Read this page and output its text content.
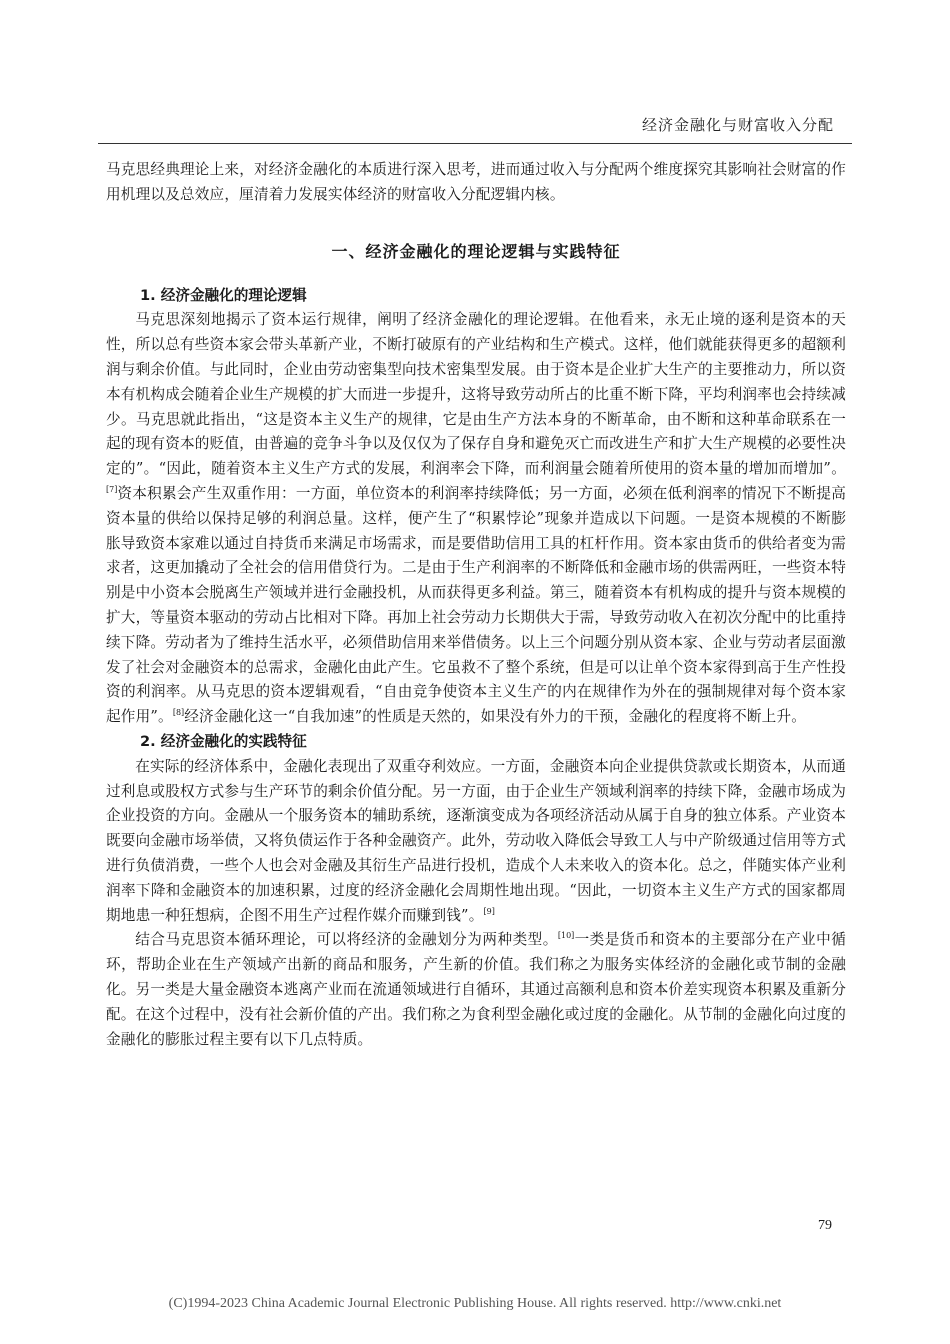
经济金融化与财富收入分配

马克思经典理论上来，对经济金融化的本质进行深入思考，进而通过收入与分配两个维度探究其影响社会财富的作用机理以及总效应，厘清着力发展实体经济的财富收入分配逻辑内核。

一、经济金融化的理论逻辑与实践特征
1. 经济金融化的理论逻辑

马克思深刻地揭示了资本运行规律，阐明了经济金融化的理论逻辑。在他看来，永无止境的逐利是资本的天性，所以总有些资本家会带头革新产业，不断打破原有的产业结构和生产模式。这样，他们就能获得更多的超额利润与剩余价值。与此同时，企业由劳动密集型向技术密集型发展。由于资本是企业扩大生产的主要推动力，所以资本有机构成会随着企业生产规模的扩大而进一步提升，这将导致劳动所占的比重不断下降，平均利润率也会持续减少。马克思就此指出，“这是资本主义生产的规律，它是由生产方法本身的不断革命，由不断和这种革命联系在一起的现有资本的贬值，由普遍的竞争斗争以及仅仅为了保存自身和避免灭亡而改进生产和扩大生产规模的必要性决定的”。“因此，随着资本主义生产方式的发展，利润率会下降，而利润量会随着所使用的资本量的增加而增加”。[7]资本积累会产生双重作用：一方面，单位资本的利润率持续降低；另一方面，必须在低利润率的情况下不断提高资本量的供给以保持足够的利润总量。这样，便产生了“积累悖论”现象并造成以下问题。一是资本规模的不断膨胀导致资本家难以通过自持货币来满足市场需求，而是要借助信用工具的杠杆作用。资本家由货币的供给者变为需求者，这更加撬动了全社会的信用借贷行为。二是由于生产利润率的不断降低和金融市场的供需两旺，一些资本特别是中小资本会脱离生产领域并进行金融投机，从而获得更多利益。第三，随着资本有机构成的提升与资本规模的扩大，等量资本驱动的劳动占比相对下降。再加上社会劳动力长期供大于需，导致劳动收入在初次分配中的比重持续下降。劳动者为了维持生活水平，必须借助信用来举借债务。以上三个问题分别从资本家、企业与劳动者层面激发了社会对金融资本的总需求，金融化由此产生。它虽救不了整个系统，但是可以让单个资本家得到高于生产性投资的利润率。从马克思的资本逻辑观看，“自由竞争使资本主义生产的内在规律作为外在的强制规律对每个资本家起作用”。[8]经济金融化这一“自我加速”的性质是天然的，如果没有外力的干预，金融化的程度将不断上升。

2. 经济金融化的实践特征

在实际的经济体系中，金融化表现出了双重夺利效应。一方面，金融资本向企业提供贷款或长期资本，从而通过利息或股权方式参与生产环节的剩余价值分配。另一方面，由于企业生产领域利润率的持续下降，金融市场成为企业投资的方向。金融从一个服务资本的辅助系统，逐渐演变成为各项经济活动从属于自身的独立体系。产业资本既要向金融市场举债，又将负债运作于各种金融资产。此外，劳动收入降低会导致工人与中产阶级通过信用等方式进行负债消费，一些个人也会对金融及其衍生产品进行投机，造成个人未来收入的资本化。总之，伴随实体产业利润率下降和金融资本的加速积累，过度的经济金融化会周期性地出现。“因此，一切资本主义生产方式的国家都周期地患一种狂想病，企图不用生产过程作媒介而赚到钱”。[9]

结合马克思资本循环理论，可以将经济的金融划分为两种类型。[10]一类是货币和资本的主要部分在产业中循环，帮助企业在生产领域产出新的商品和服务，产生新的价值。我们称之为服务实体经济的金融化或节制的金融化。另一类是大量金融资本逃离产业而在流通领域进行自循环，其通过高额利息和资本价差实现资本积累及重新分配。在这个过程中，没有社会新价值的产出。我们称之为食利型金融化或过度的金融化。从节制的金融化向过度的金融化的膨胀过程主要有以下几点特质。

79
(C)1994-2023 China Academic Journal Electronic Publishing House. All rights reserved. http://www.cnki.net
